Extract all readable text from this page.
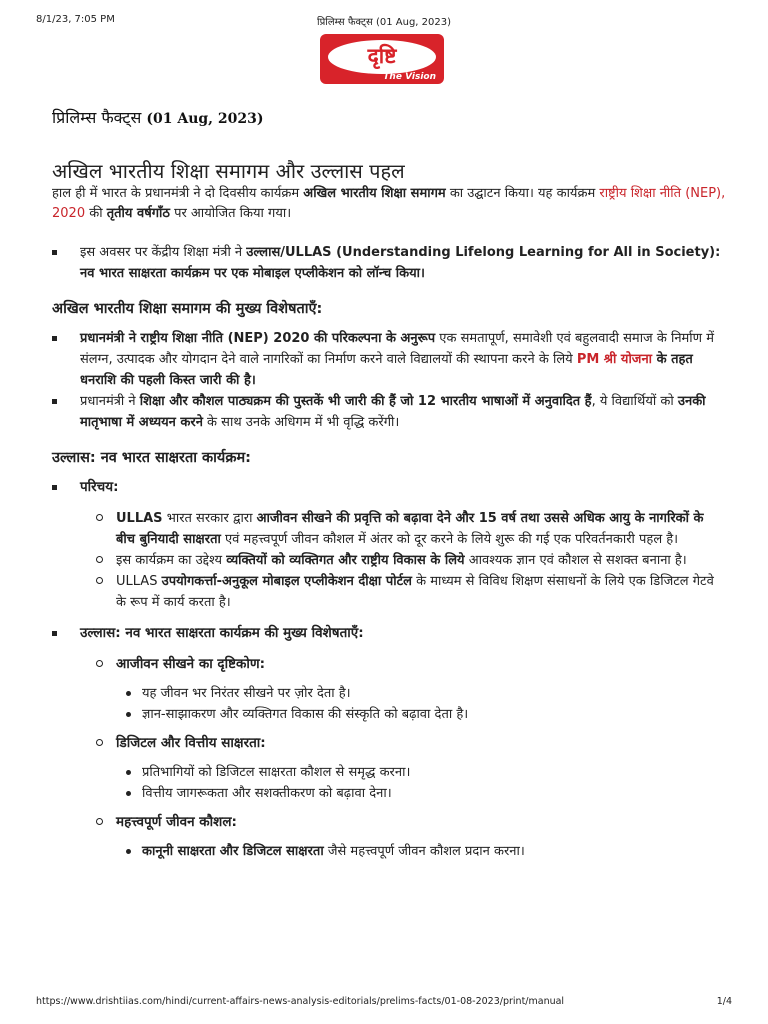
8/1/23, 7:05 PM	प्रिलिम्स फैक्ट्स (01 Aug, 2023)
दृष्टि
The Vision
प्रिलिम्स फैक्ट्स (01 Aug, 2023)
अखिल भारतीय शिक्षा समागम और उल्लास पहल

हाल ही में भारत के प्रधानमंत्री ने दो दिवसीय कार्यक्रम अखिल भारतीय शिक्षा समागम का उद्घाटन किया। यह कार्यक्रम राष्ट्रीय शिक्षा नीति (NEP), 2020 की तृतीय वर्षगाँठ पर आयोजित किया गया।

इस अवसर पर केंद्रीय शिक्षा मंत्री ने उल्लास/ULLAS (Understanding Lifelong Learning for All in Society): नव भारत साक्षरता कार्यक्रम पर एक मोबाइल एप्लीकेशन को लॉन्च किया।
अखिल भारतीय शिक्षा समागम की मुख्य विशेषताएँ:
प्रधानमंत्री ने राष्ट्रीय शिक्षा नीति (NEP) 2020 की परिकल्पना के अनुरूप एक समतापूर्ण, समावेशी एवं बहुलवादी समाज के निर्माण में संलग्न, उत्पादक और योगदान देने वाले नागरिकों का निर्माण करने वाले विद्यालयों की स्थापना करने के लिये PM श्री योजना के तहत धनराशि की पहली किस्त जारी की है।
प्रधानमंत्री ने शिक्षा और कौशल पाठ्यक्रम की पुस्तकें भी जारी की हैं जो 12 भारतीय भाषाओं में अनुवादित हैं, ये विद्यार्थियों को उनकी मातृभाषा में अध्ययन करने के साथ उनके अधिगम में भी वृद्धि करेंगी।
उल्लास: नव भारत साक्षरता कार्यक्रम:
परिचय:
ULLAS भारत सरकार द्वारा आजीवन सीखने की प्रवृत्ति को बढ़ावा देने और 15 वर्ष तथा उससे अधिक आयु के नागरिकों के बीच बुनियादी साक्षरता एवं महत्त्वपूर्ण जीवन कौशल में अंतर को दूर करने के लिये शुरू की गई एक परिवर्तनकारी पहल है।
इस कार्यक्रम का उद्देश्य व्यक्तियों को व्यक्तिगत और राष्ट्रीय विकास के लिये आवश्यक ज्ञान एवं कौशल से सशक्त बनाना है।
ULLAS उपयोगकर्त्ता-अनुकूल मोबाइल एप्लीकेशन दीक्षा पोर्टल के माध्यम से विविध शिक्षण संसाधनों के लिये एक डिजिटल गेटवे के रूप में कार्य करता है।
उल्लास: नव भारत साक्षरता कार्यक्रम की मुख्य विशेषताएँ:
आजीवन सीखने का दृष्टिकोण:
यह जीवन भर निरंतर सीखने पर ज़ोर देता है।
ज्ञान-साझाकरण और व्यक्तिगत विकास की संस्कृति को बढ़ावा देता है।
डिजिटल और वित्तीय साक्षरता:
प्रतिभागियों को डिजिटल साक्षरता कौशल से समृद्ध करना।
वित्तीय जागरूकता और सशक्तीकरण को बढ़ावा देना।
महत्त्वपूर्ण जीवन कौशल:
कानूनी साक्षरता और डिजिटल साक्षरता जैसे महत्त्वपूर्ण जीवन कौशल प्रदान करना।
https://www.drishtiias.com/hindi/current-affairs-news-analysis-editorials/prelims-facts/01-08-2023/print/manual	1/4
